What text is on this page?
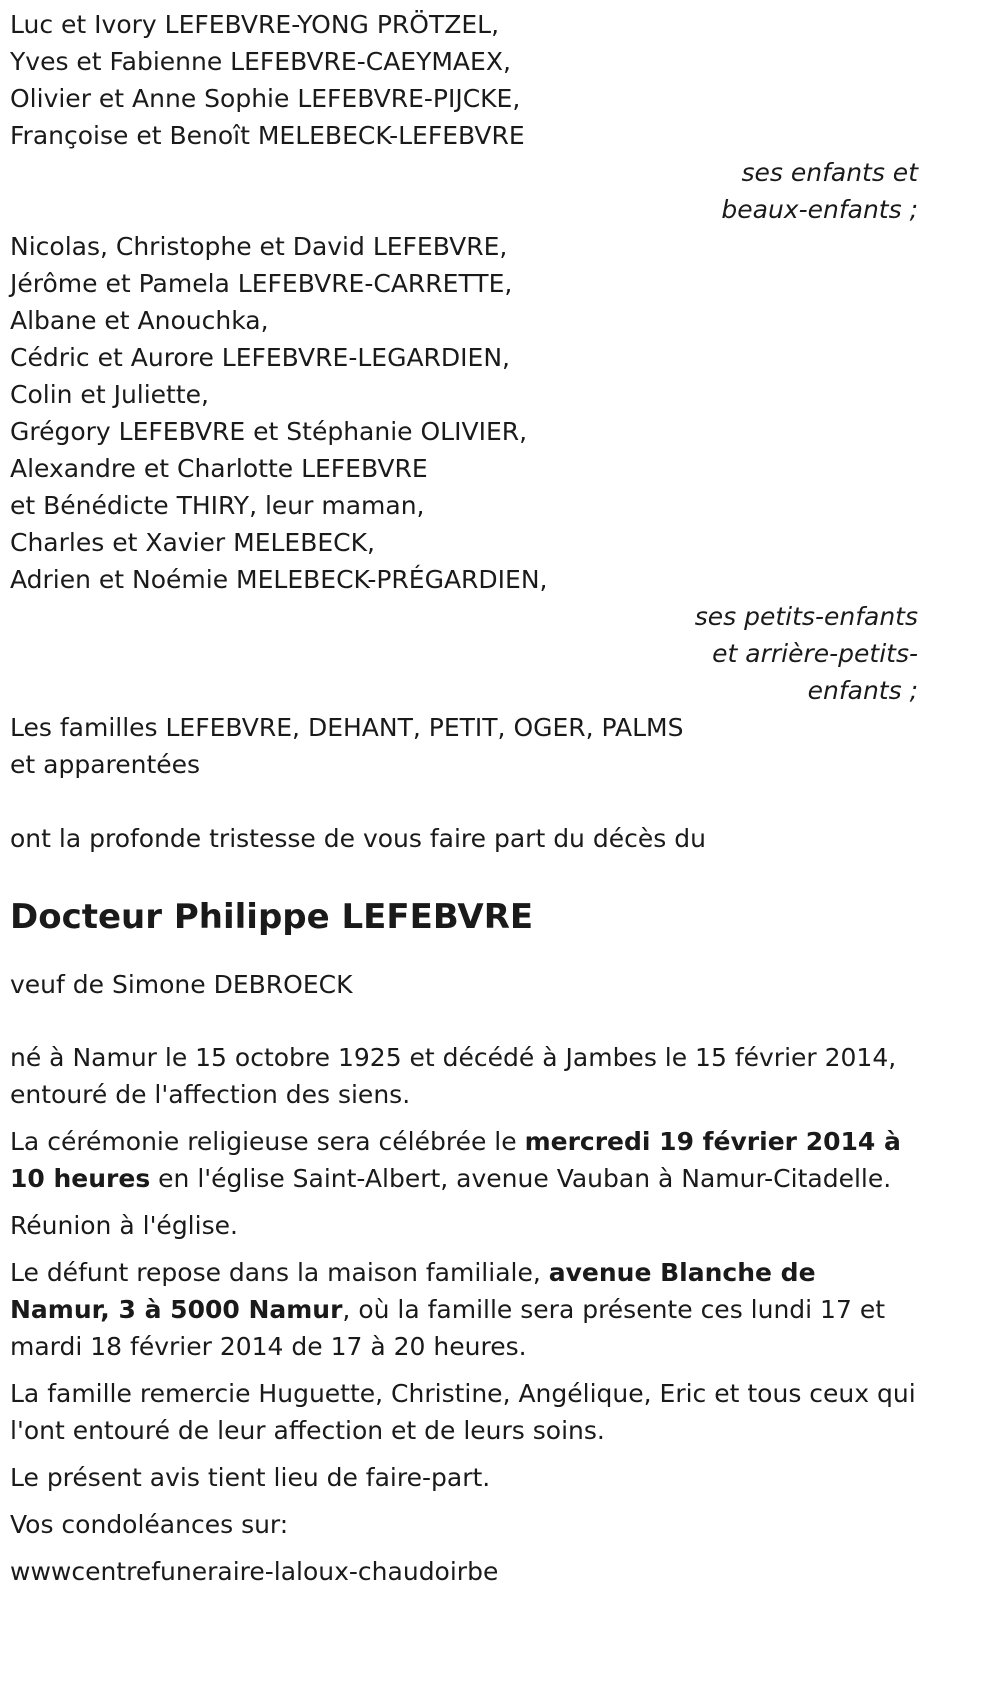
Luc et Ivory LEFEBVRE-YONG PRÖTZEL,
Yves et Fabienne LEFEBVRE-CAEYMAEX,
Olivier et Anne Sophie LEFEBVRE-PIJCKE,
Françoise et Benoît MELEBECK-LEFEBVRE
ses enfants et
beaux-enfants ;
Nicolas, Christophe et David LEFEBVRE,
Jérôme et Pamela LEFEBVRE-CARRETTE,
Albane et Anouchka,
Cédric et Aurore LEFEBVRE-LEGARDIEN,
Colin et Juliette,
Grégory LEFEBVRE et Stéphanie OLIVIER,
Alexandre et Charlotte LEFEBVRE
et Bénédicte THIRY, leur maman,
Charles et Xavier MELEBECK,
Adrien et Noémie MELEBECK-PRÉGARDIEN,
ses petits-enfants
et arrière-petits-
enfants ;
Les familles LEFEBVRE, DEHANT, PETIT, OGER, PALMS
et apparentées
ont la profonde tristesse de vous faire part du décès du
Docteur Philippe LEFEBVRE
veuf de Simone DEBROECK

né à Namur le 15 octobre 1925 et décédé à Jambes le 15 février 2014, entouré de l'affection des siens.

La cérémonie religieuse sera célébrée le mercredi 19 février 2014 à 10 heures en l'église Saint-Albert, avenue Vauban à Namur-Citadelle.

Réunion à l'église.

Le défunt repose dans la maison familiale, avenue Blanche de Namur, 3 à 5000 Namur, où la famille sera présente ces lundi 17 et mardi 18 février 2014 de 17 à 20 heures.

La famille remercie Huguette, Christine, Angélique, Eric et tous ceux qui l'ont entouré de leur affection et de leurs soins.

Le présent avis tient lieu de faire-part.

Vos condoléances sur:

wwwcentrefuneraire-laloux-chaudoirbe
